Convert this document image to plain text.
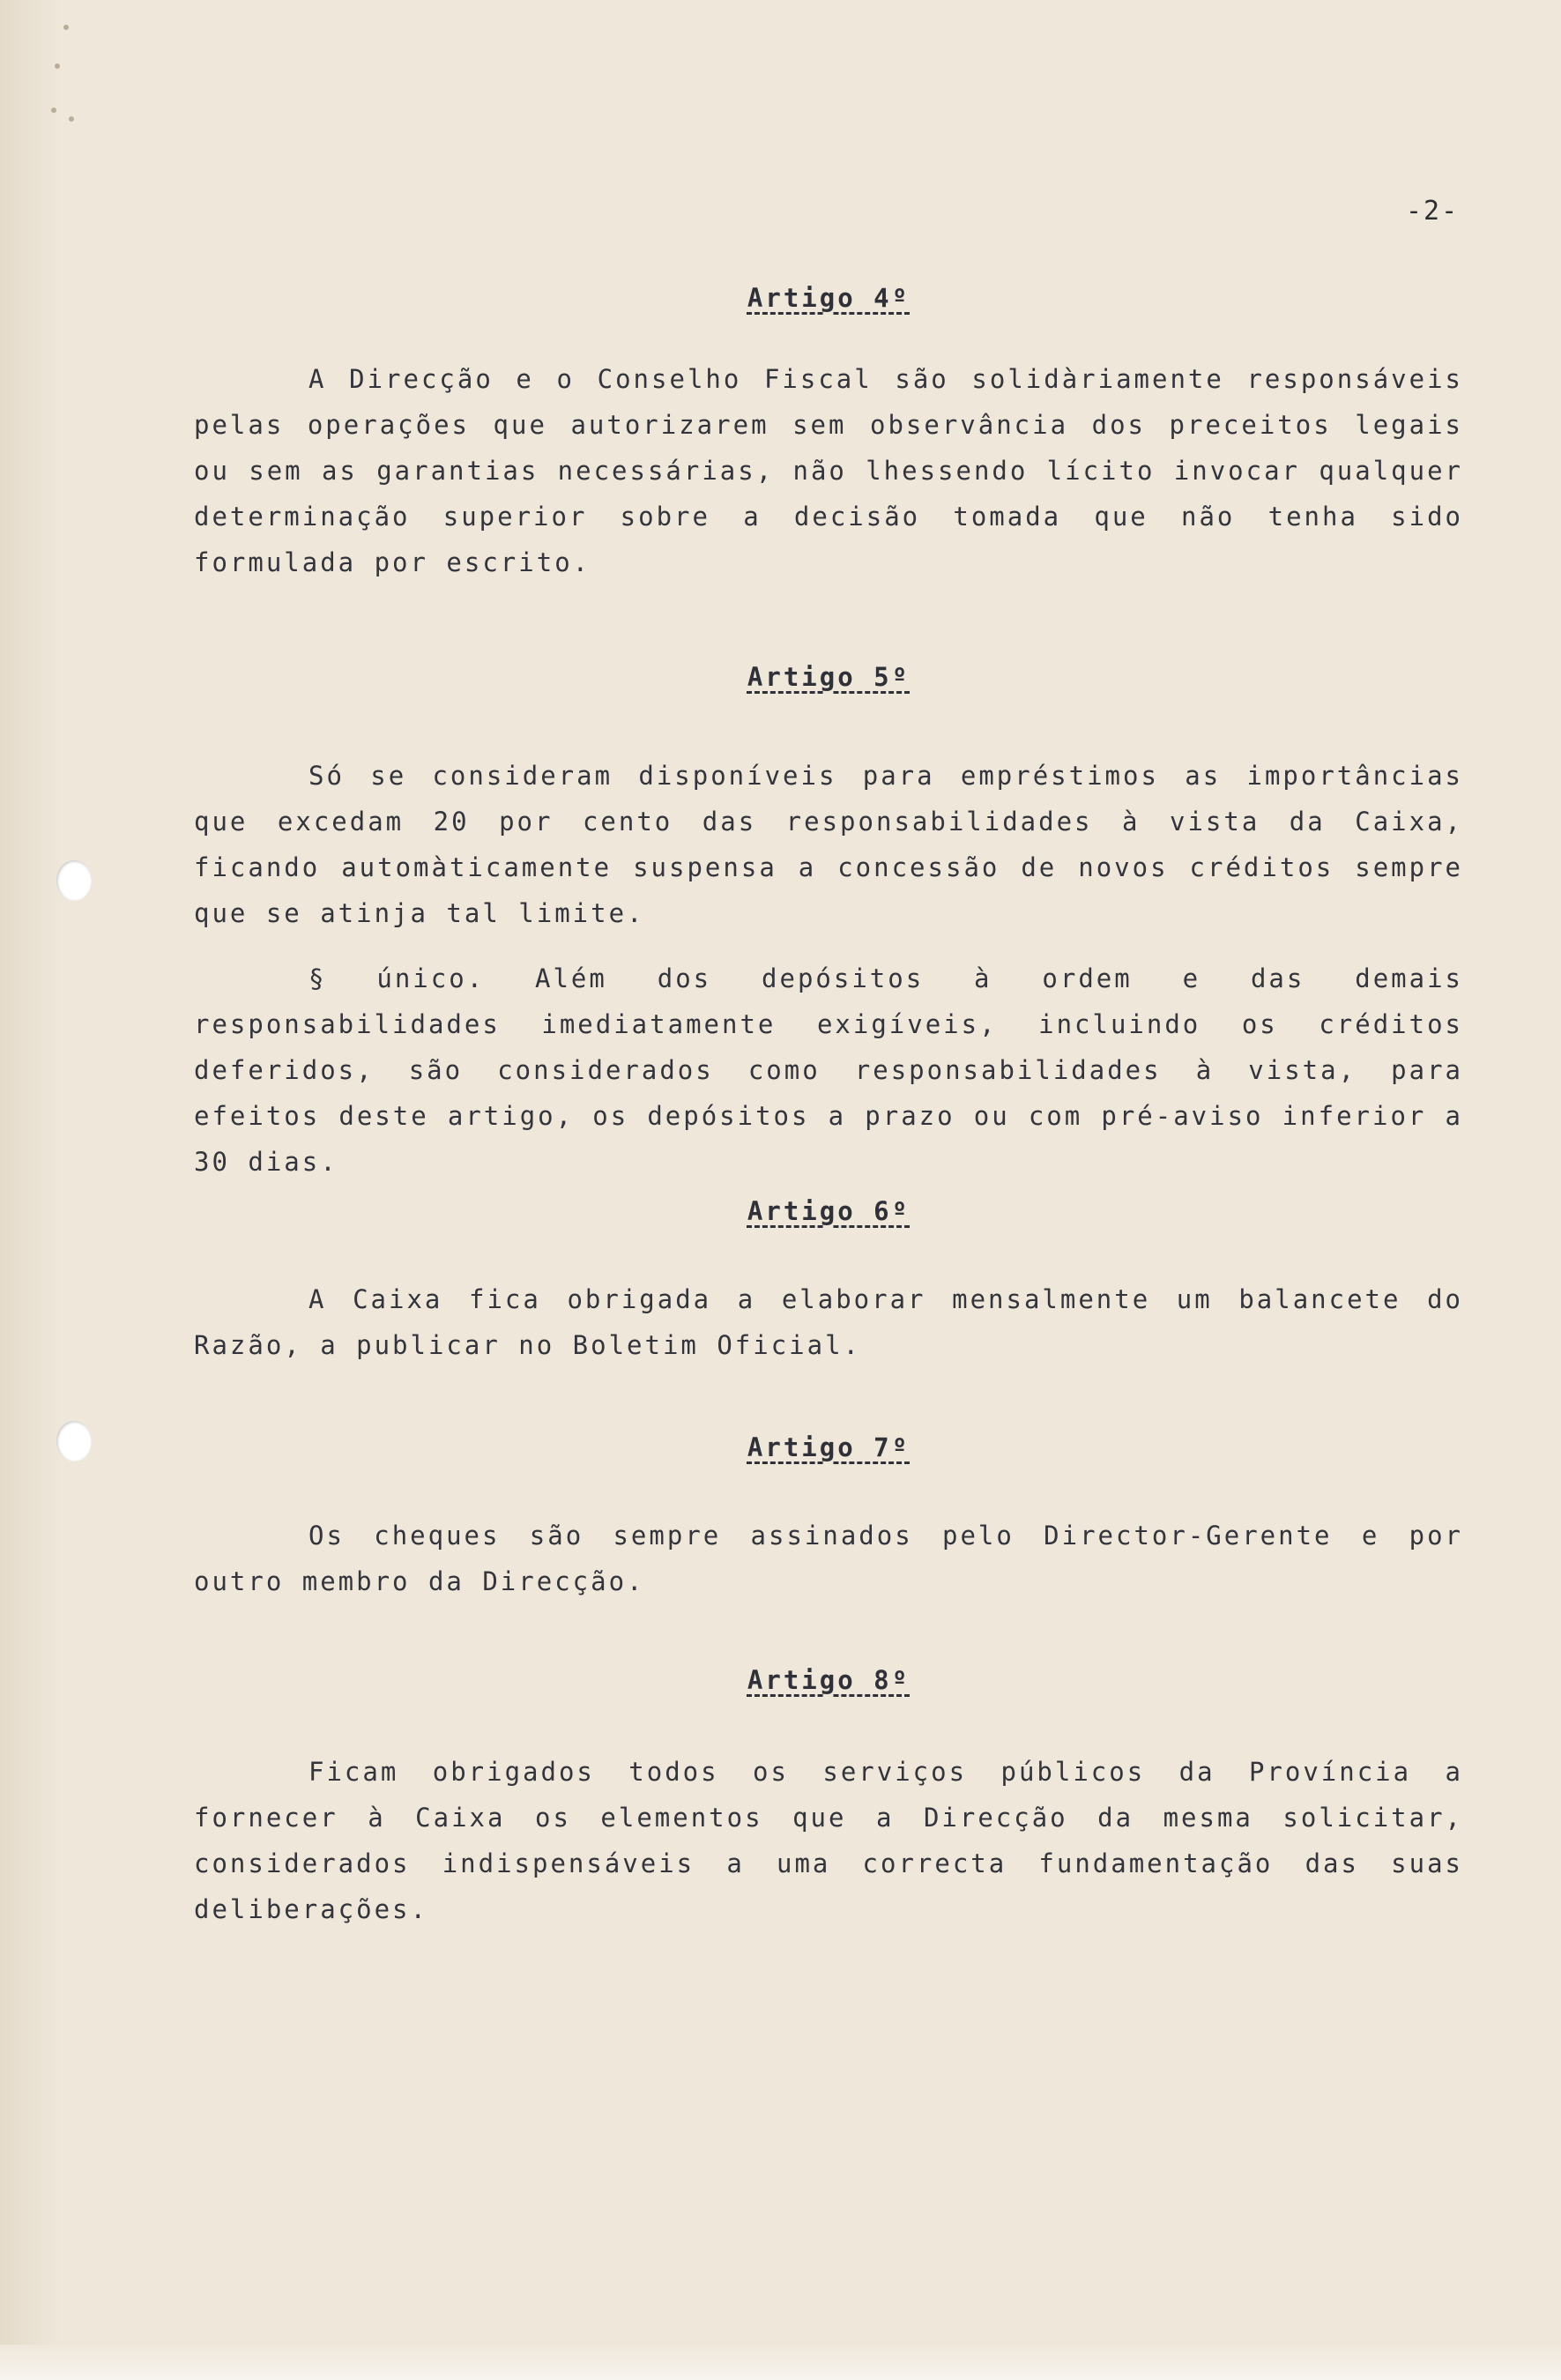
-2-
Artigo 4º

A Direcção e o Conselho Fiscal são solidàriamente responsáveis pelas operações que autorizarem sem observância dos preceitos legais ou sem as garantias necessárias, não lhessendo lícito invocar qualquer determinação superior sobre a decisão tomada que não tenha sido formulada por escrito.

Artigo 5º

Só se consideram disponíveis para empréstimos as importâncias que excedam 20 por cento das responsabilidades à vista da Caixa, ficando automàticamente suspensa a concessão de novos créditos sempre que se atinja tal limite.

§ único. Além dos depósitos à ordem e das demais responsabilidades imediatamente exigíveis, incluindo os créditos deferidos, são considerados como responsabilidades à vista, para efeitos deste artigo, os depósitos a prazo ou com pré-aviso inferior a 30 dias.

Artigo 6º

A Caixa fica obrigada a elaborar mensalmente um balancete do Razão, a publicar no Boletim Oficial.

Artigo 7º

Os cheques são sempre assinados pelo Director-Gerente e por outro membro da Direcção.

Artigo 8º

Ficam obrigados todos os serviços públicos da Província a fornecer à Caixa os elementos que a Direcção da mesma solicitar, considerados indispensáveis a uma correcta fundamentação das suas deliberações.
